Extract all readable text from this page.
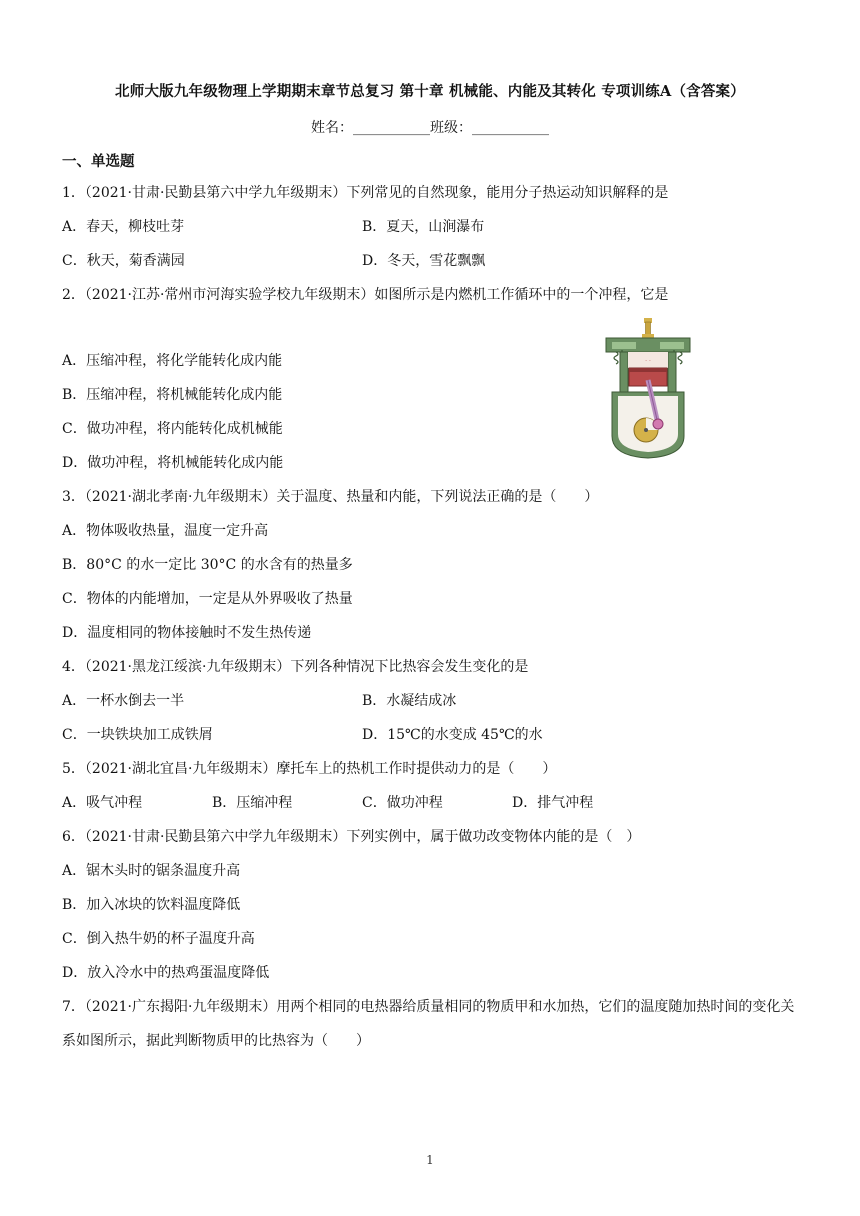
北师大版九年级物理上学期期末章节总复习 第十章 机械能、内能及其转化 专项训练A（含答案）
姓名：___________班级：___________
一、单选题
1．（2021·甘肃·民勤县第六中学九年级期末）下列常见的自然现象，能用分子热运动知识解释的是
A．春天，柳枝吐芽	B．夏天，山涧瀑布
C．秋天，菊香满园	D．冬天，雪花飘飘
2．（2021·江苏·常州市河海实验学校九年级期末）如图所示是内燃机工作循环中的一个冲程，它是
A．压缩冲程，将化学能转化成内能
B．压缩冲程，将机械能转化成内能
C．做功冲程，将内能转化成机械能
D．做功冲程，将机械能转化成内能
· ·
3．（2021·湖北孝南·九年级期末）关于温度、热量和内能，下列说法正确的是（　　）
A．物体吸收热量，温度一定升高
B．80°C 的水一定比 30°C 的水含有的热量多
C．物体的内能增加，一定是从外界吸收了热量
D．温度相同的物体接触时不发生热传递
4．（2021·黑龙江绥滨·九年级期末）下列各种情况下比热容会发生变化的是
A．一杯水倒去一半	B．水凝结成冰
C．一块铁块加工成铁屑	D．15℃的水变成 45℃的水
5．（2021·湖北宜昌·九年级期末）摩托车上的热机工作时提供动力的是（　　）
A．吸气冲程	B．压缩冲程	C．做功冲程	D．排气冲程
6．（2021·甘肃·民勤县第六中学九年级期末）下列实例中，属于做功改变物体内能的是（　）
A．锯木头时的锯条温度升高
B．加入冰块的饮料温度降低
C．倒入热牛奶的杯子温度升高
D．放入冷水中的热鸡蛋温度降低
7．（2021·广东揭阳·九年级期末）用两个相同的电热器给质量相同的物质甲和水加热，它们的温度随加热时间的变化关系如图所示，据此判断物质甲的比热容为（　　）
1
